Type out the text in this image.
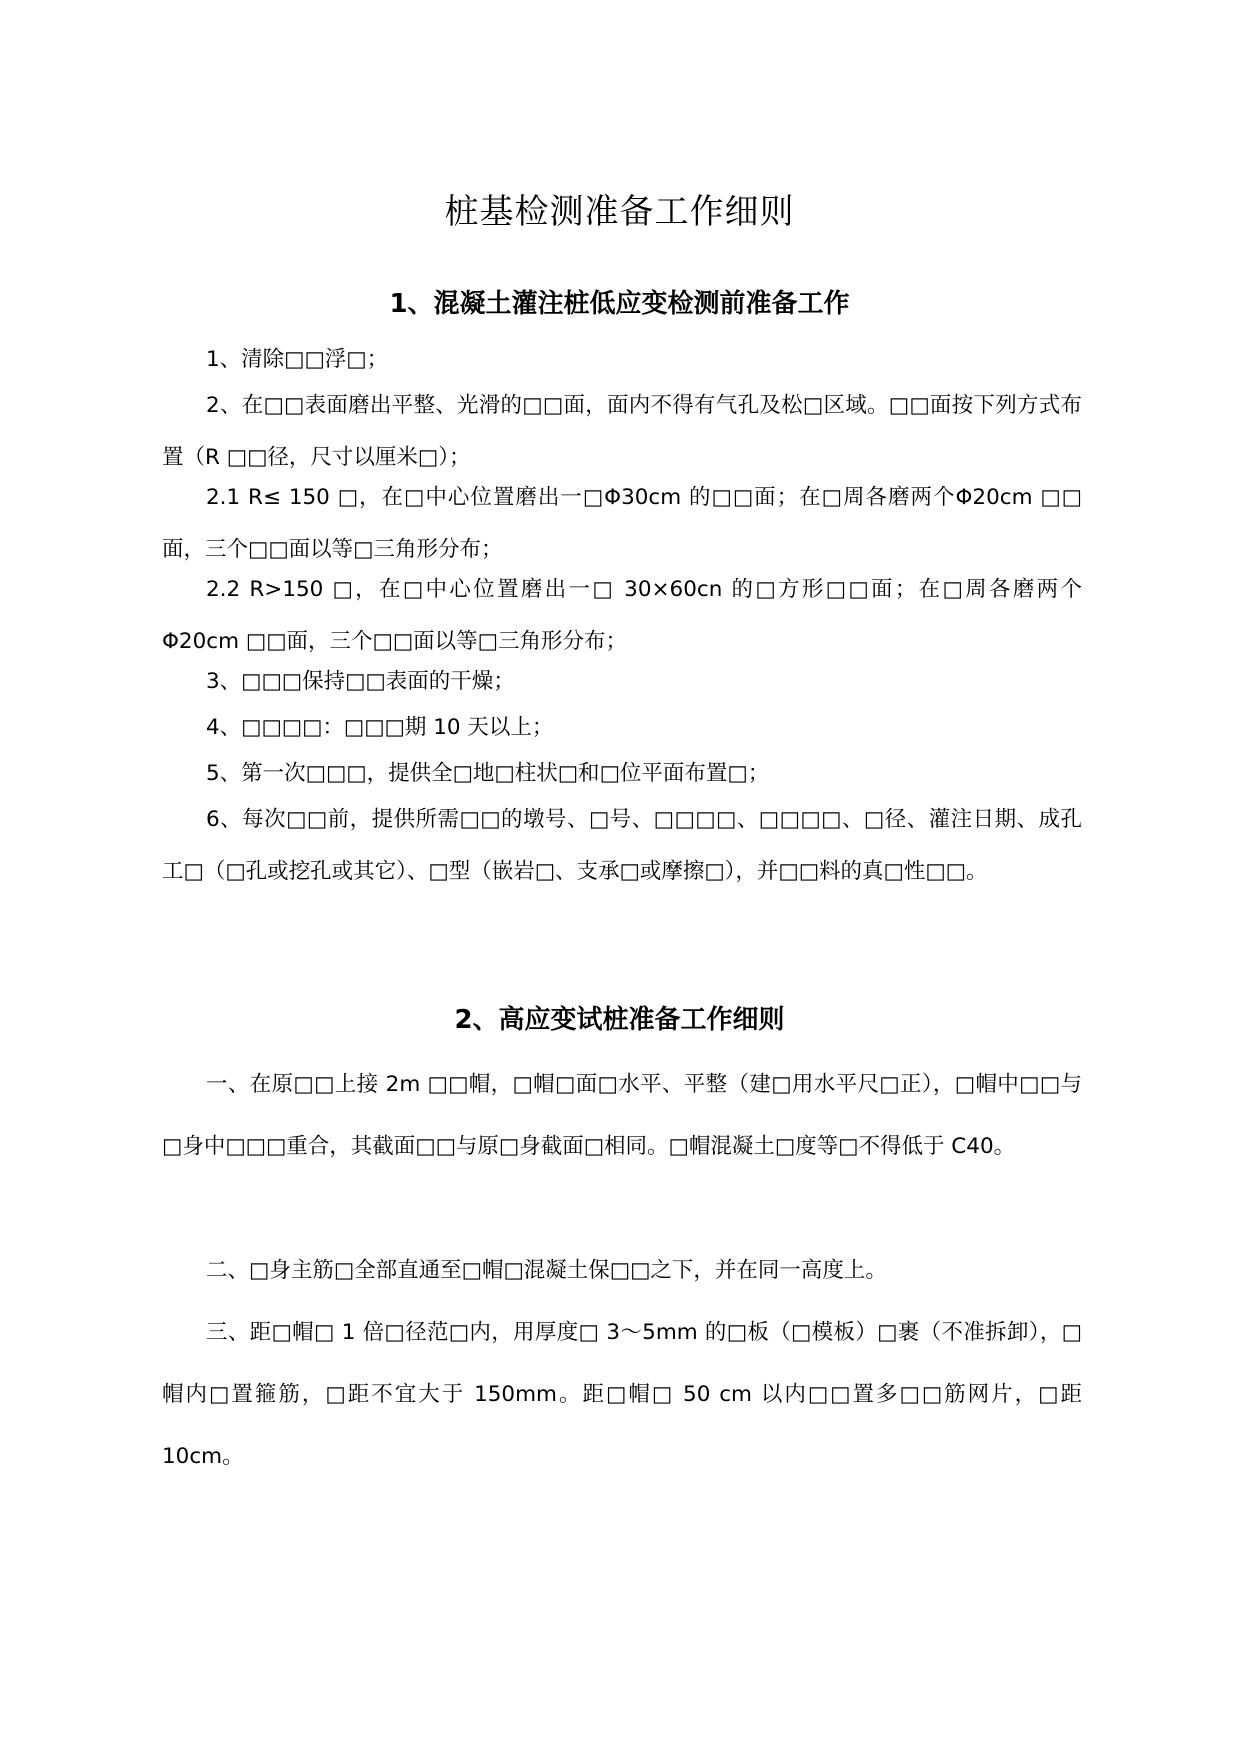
桩基检测准备工作细则
1、混凝土灌注桩低应变检测前准备工作

1、清除□□浮□；

2、在□□表面磨出平整、光滑的□□面，面内不得有气孔及松□区域。□□面按下列方式布置（R □□径，尺寸以厘米□）；

2.1 R≤ 150 □，在□中心位置磨出一□Φ30cm 的□□面；在□周各磨两个Φ20cm □□面，三个□□面以等□三角形分布；

2.2 R>150 □，在□中心位置磨出一□ 30×60cn 的□方形□□面；在□周各磨两个Φ20cm □□面，三个□□面以等□三角形分布；

3、□□□保持□□表面的干燥；

4、□□□□：□□□期 10 天以上；

5、第一次□□□，提供全□地□柱状□和□位平面布置□；

6、每次□□前，提供所需□□的墩号、□号、□□□□、□□□□、□径、灌注日期、成孔工□（□孔或挖孔或其它）、□型（嵌岩□、支承□或摩擦□），并□□料的真□性□□。

2、高应变试桩准备工作细则

一、在原□□上接 2m □□帽，□帽□面□水平、平整（建□用水平尺□正），□帽中□□与□身中□□□重合，其截面□□与原□身截面□相同。□帽混凝土□度等□不得低于 C40。

二、□身主筋□全部直通至□帽□混凝土保□□之下，并在同一高度上。

三、距□帽□ 1 倍□径范□内，用厚度□ 3～5mm 的□板（□模板）□裹（不准拆卸），□帽内□置箍筋，□距不宜大于 150mm。距□帽□ 50 cm 以内□□置多□□筋网片，□距 10cm。
